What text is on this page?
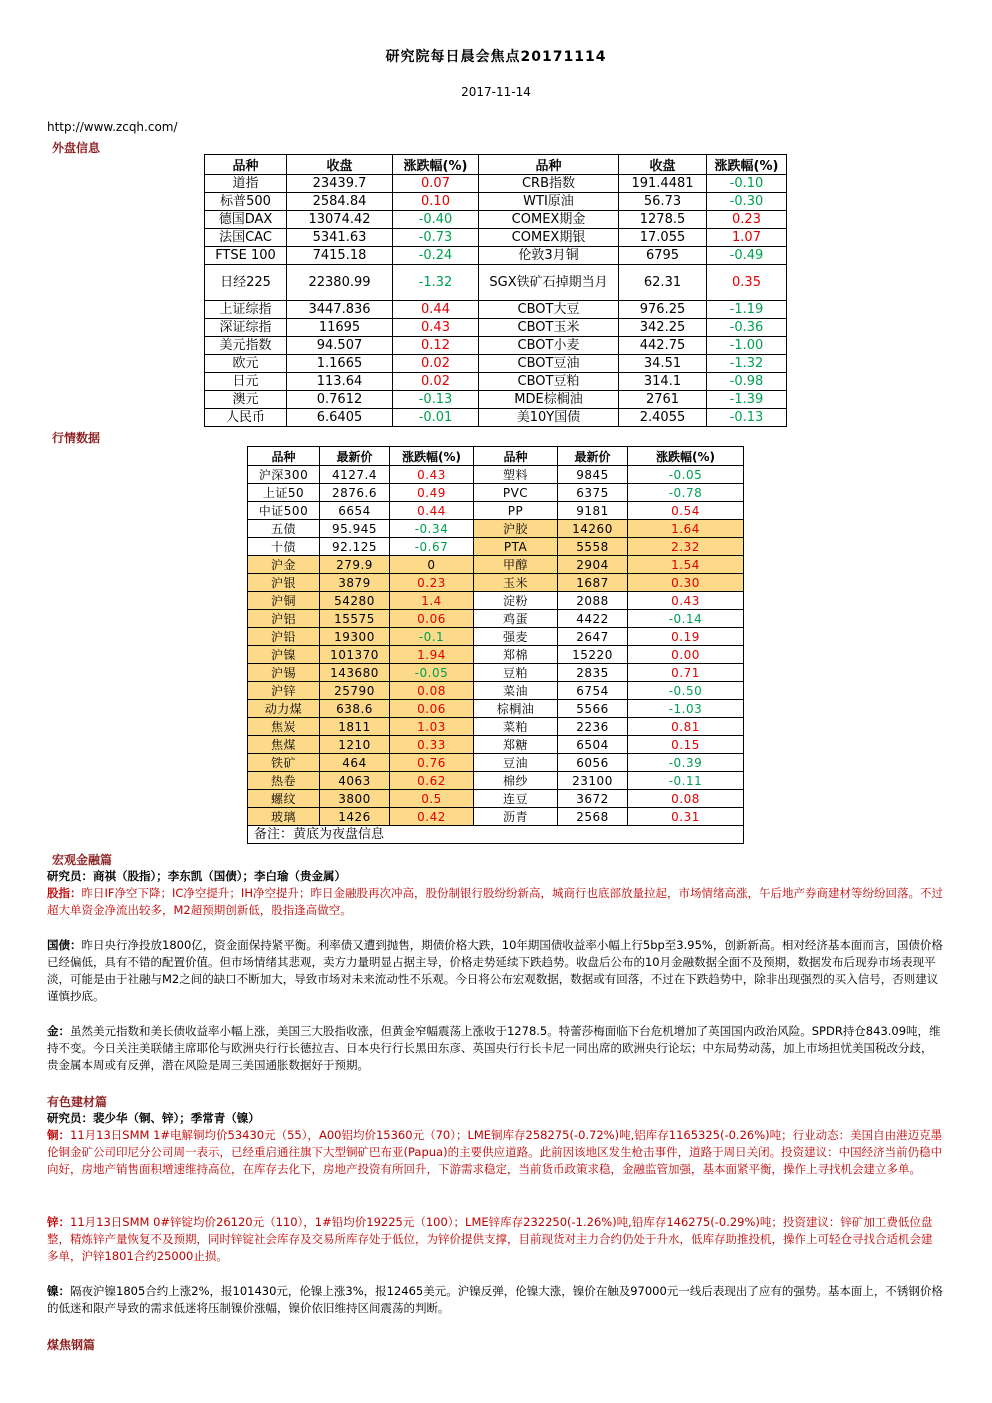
研究院每日晨会焦点20171114
2017-11-14
http://www.zcqh.com/
外盘信息
品种	收盘	涨跌幅(%)	品种	收盘	涨跌幅(%)
道指	23439.7	0.07	CRB指数	191.4481	-0.10
标普500	2584.84	0.10	WTI原油	56.73	-0.30
德国DAX	13074.42	-0.40	COMEX期金	1278.5	0.23
法国CAC	5341.63	-0.73	COMEX期银	17.055	1.07
FTSE 100	7415.18	-0.24	伦敦3月铜	6795	-0.49
日经225	22380.99	-1.32	SGX铁矿石掉期当月	62.31	0.35
上证综指	3447.836	0.44	CBOT大豆	976.25	-1.19
深证综指	11695	0.43	CBOT玉米	342.25	-0.36
美元指数	94.507	0.12	CBOT小麦	442.75	-1.00
欧元	1.1665	0.02	CBOT豆油	34.51	-1.32
日元	113.64	0.02	CBOT豆粕	314.1	-0.98
澳元	0.7612	-0.13	MDE棕榈油	2761	-1.39
人民币	6.6405	-0.01	美10Y国债	2.4055	-0.13
行情数据
品种	最新价	涨跌幅(%)	品种	最新价	涨跌幅(%)
沪深300	4127.4	0.43	塑料	9845	-0.05
上证50	2876.6	0.49	PVC	6375	-0.78
中证500	6654	0.44	PP	9181	0.54
五债	95.945	-0.34	沪胶	14260	1.64
十债	92.125	-0.67	PTA	5558	2.32
沪金	279.9	0	甲醇	2904	1.54
沪银	3879	0.23	玉米	1687	0.30
沪铜	54280	1.4	淀粉	2088	0.43
沪铝	15575	0.06	鸡蛋	4422	-0.14
沪铅	19300	-0.1	强麦	2647	0.19
沪镍	101370	1.94	郑棉	15220	0.00
沪锡	143680	-0.05	豆粕	2835	0.71
沪锌	25790	0.08	菜油	6754	-0.50
动力煤	638.6	0.06	棕榈油	5566	-1.03
焦炭	1811	1.03	菜粕	2236	0.81
焦煤	1210	0.33	郑糖	6504	0.15
铁矿	464	0.76	豆油	6056	-0.39
热卷	4063	0.62	棉纱	23100	-0.11
螺纹	3800	0.5	连豆	3672	0.08
玻璃	1426	0.42	沥青	2568	0.31
备注：黄底为夜盘信息					
宏观金融篇
研究员：商祺（股指）；李东凯（国债）；李白瑜（贵金属）
股指：昨日IF净空下降；IC净空提升；IH净空提升；昨日金融股再次冲高，股份制银行股纷纷新高，城商行也底部放量拉起，市场情绪高涨，午后地产券商建材等纷纷回落。不过超大单资金净流出较多，M2超预期创新低，股指逢高做空。
国债：昨日央行净投放1800亿，资金面保持紧平衡。利率债又遭到抛售，期债价格大跌，10年期国债收益率小幅上行5bp至3.95%，创新新高。相对经济基本面而言，国债价格已经偏低，具有不错的配置价值。但市场情绪其悲观，卖方力量明显占据主导，价格走势延续下跌趋势。收盘后公布的10月金融数据全面不及预期，数据发布后现券市场表现平淡，可能是由于社融与M2之间的缺口不断加大，导致市场对未来流动性不乐观。今日将公布宏观数据，数据或有回落，不过在下跌趋势中，除非出现强烈的买入信号，否则建议谨慎抄底。
金：虽然美元指数和美长债收益率小幅上涨，美国三大股指收涨，但黄金窄幅震荡上涨收于1278.5。特蕾莎梅面临下台危机增加了英国国内政治风险。SPDR持仓843.09吨，维持不变。今日关注美联储主席耶伦与欧洲央行行长德拉吉、日本央行行长黑田东彦、英国央行行长卡尼一同出席的欧洲央行论坛；中东局势动荡，加上市场担忧美国税改分歧，贵金属本周或有反弹，潜在风险是周三美国通胀数据好于预期。
有色建材篇
研究员：裴少华（铜、锌）；季常青（镍）
铜：11月13日SMM 1#电解铜均价53430元（55），A00铝均价15360元（70）；LME铜库存258275(-0.72%)吨,铝库存1165325(-0.26%)吨；行业动态：美国自由港迈克墨伦铜金矿公司印尼分公司周一表示，已经重启通往旗下大型铜矿巴布亚(Papua)的主要供应道路。此前因该地区发生枪击事件，道路于周日关闭。投资建议：中国经济当前仍稳中向好，房地产销售面积增速维持高位，在库存去化下，房地产投资有所回升，下游需求稳定，当前货币政策求稳，金融监管加强，基本面紧平衡，操作上寻找机会建立多单。
锌：11月13日SMM 0#锌锭均价26120元（110），1#铅均价19225元（100）；LME锌库存232250(-1.26%)吨,铅库存146275(-0.29%)吨；投资建议：锌矿加工费低位盘整，精炼锌产量恢复不及预期，同时锌锭社会库存及交易所库存处于低位，为锌价提供支撑，目前现货对主力合约仍处于升水，低库存助推投机，操作上可轻仓寻找合适机会建多单，沪锌1801合约25000止损。
镍：隔夜沪镍1805合约上涨2%，报101430元，伦镍上涨3%，报12465美元。沪镍反弹，伦镍大涨，镍价在触及97000元一线后表现出了应有的强势。基本面上，不锈钢价格的低迷和限产导致的需求低迷将压制镍价涨幅，镍价依旧维持区间震荡的判断。
煤焦钢篇
